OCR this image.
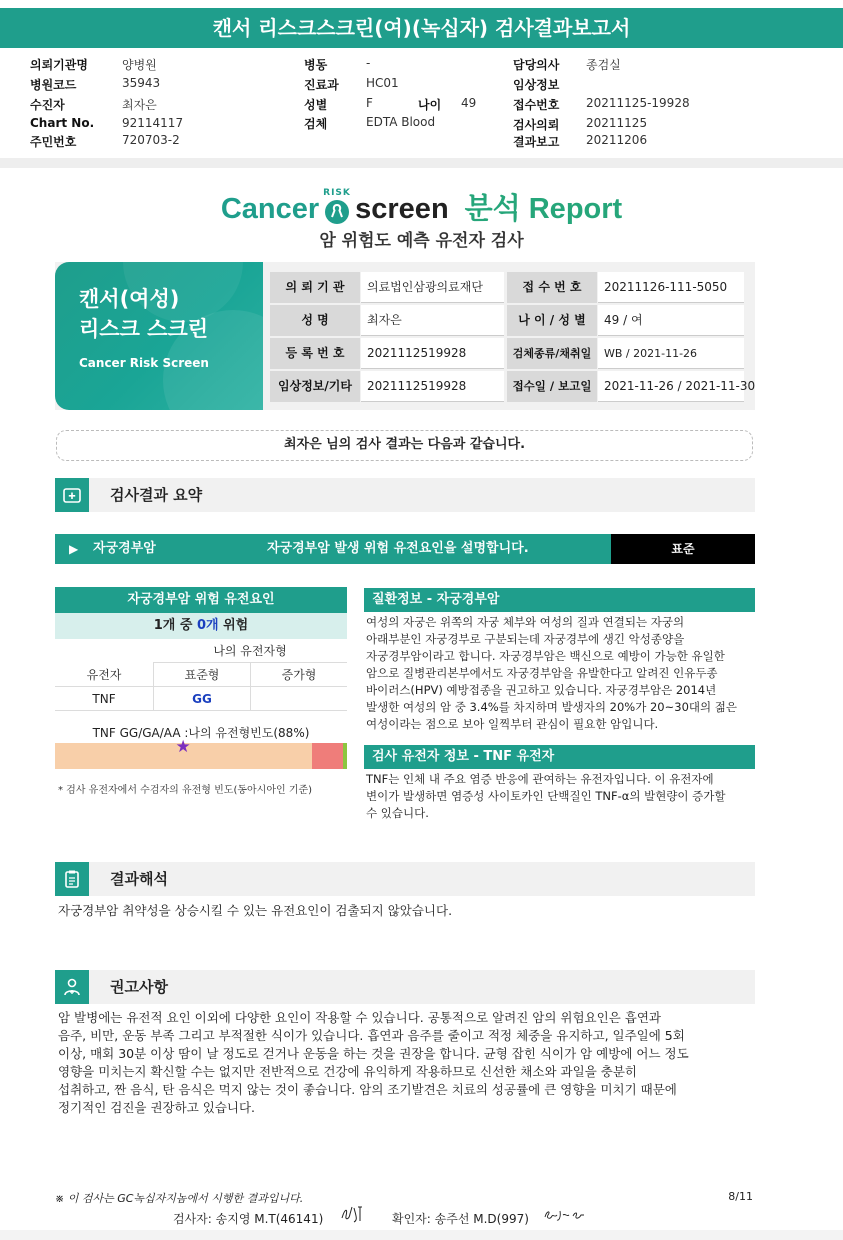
캔서 리스크스크린(여)(녹십자) 검사결과보고서
의뢰기관명	양병원
병원코드	35943
수진자	최자은
Chart No. 92114117
주민번호	720703-2
병동	-
진료과 HC01
성별	F	나이 49
검체	EDTA Blood
담당의사 종검실
임상정보
접수번호 20211125-19928
검사의뢰 20211125
결과보고 20211206
Cancer
RISK
screen 분석 Report
암 위험도 예측 유전자 검사
캔서(여성)
리스크 스크린
Cancer Risk Screen
의 뢰 기 관	의료법인삼광의료재단	접 수 번 호	20211126-111-5050
성 명	최자은	나 이 / 성 별	49 / 여
등 록 번 호	2021112519928	검체종류/채취일	WB / 2021-11-26
임상정보/기타	2021112519928	접수일 / 보고일	2021-11-26 / 2021-11-30
최자은 님의 검사 결과는 다음과 같습니다.
검사결과 요약
▶ 자궁경부암	자궁경부암 발생 위험 유전요인을 설명합니다.	표준
자궁경부암 위험 유전요인
1개 중 0개 위험
나의 유전자형
유전자	표준형	증가형
TNF	GG
TNF GG/GA/AA :나의 유전형빈도(88%)
★
* 검사 유전자에서 수검자의 유전형 빈도(동아시아인 기준)
질환정보 - 자궁경부암
여성의 자궁은 위쪽의 자궁 체부와 여성의 질과 연결되는 자궁의
아래부분인 자궁경부로 구분되는데 자궁경부에 생긴 악성종양을
자궁경부암이라고 합니다. 자궁경부암은 백신으로 예방이 가능한 유일한
암으로 질병관리본부에서도 자궁경부암을 유발한다고 알려진 인유두종
바이러스(HPV) 예방접종을 권고하고 있습니다. 자궁경부암은 2014년
발생한 여성의 암 중 3.4%를 차지하며 발생자의 20%가 20~30대의 젊은
여성이라는 점으로 보아 일찍부터 관심이 필요한 암입니다.
검사 유전자 정보 - TNF 유전자
TNF는 인체 내 주요 염증 반응에 관여하는 유전자입니다. 이 유전자에
변이가 발생하면 염증성 사이토카인 단백질인 TNF-α의 발현량이 증가할
수 있습니다.
결과해석
자궁경부암 취약성을 상승시킬 수 있는 유전요인이 검출되지 않았습니다.
권고사항
암 발병에는 유전적 요인 이외에 다양한 요인이 작용할 수 있습니다. 공통적으로 알려진 암의 위험요인은 흡연과
음주, 비만, 운동 부족 그리고 부적절한 식이가 있습니다. 흡연과 음주를 줄이고 적정 체중을 유지하고, 일주일에 5회
이상, 매회 30분 이상 땀이 날 정도로 걷거나 운동을 하는 것을 권장을 합니다. 균형 잡힌 식이가 암 예방에 어느 정도
영향을 미치는지 확신할 수는 없지만 전반적으로 건강에 유익하게 작용하므로 신선한 채소와 과일을 충분히
섭취하고, 짠 음식, 탄 음식은 먹지 않는 것이 좋습니다. 암의 조기발견은 치료의 성공률에 큰 영향을 미치기 때문에
정기적인 검진을 권장하고 있습니다.
※ 이 검사는 GC녹십자지놈에서 시행한 결과입니다.	8/11
검사자: 송지영 M.T(46141)	확인자: 송주선 M.D(997)
